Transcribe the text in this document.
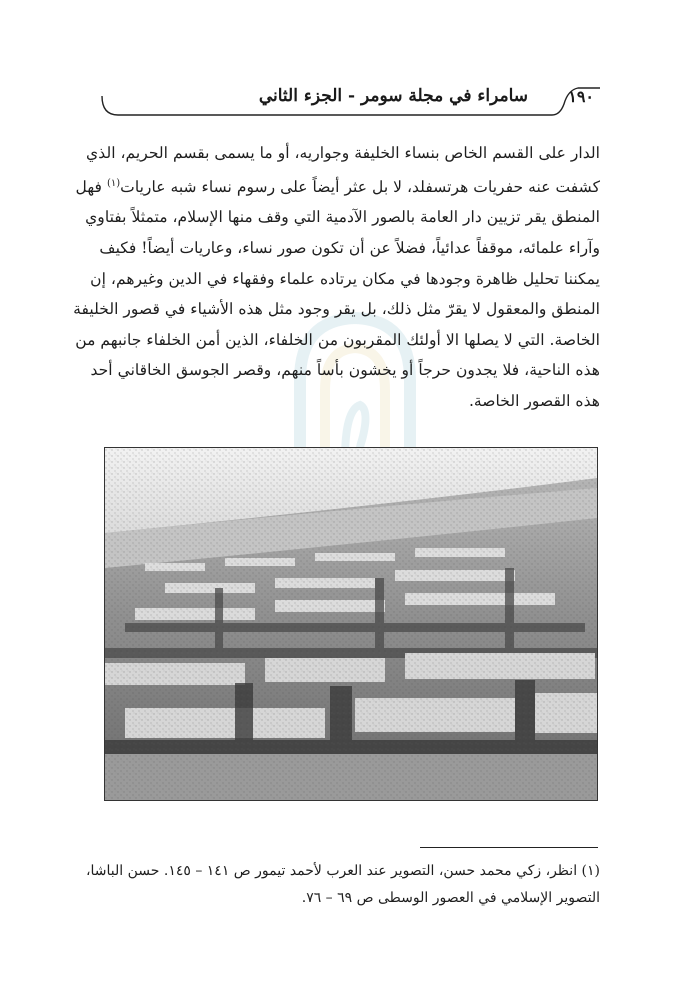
سامراء في مجلة سومر - الجزء الثاني	١٩٠
الدار على القسم الخاص بنساء الخليفة وجواريه، أو ما يسمى بقسم الحريم، الذي
كشفت عنه حفريات هرتسفلد، لا بل عثر أيضاً على رسوم نساء شبه عاريات$^{(١)}$ فهل
المنطق يقر تزيين دار العامة بالصور الآدمية التي وقف منها الإسلام، متمثلاً بفتاوي
وآراء علمائه، موقفاً عدائياً، فضلاً عن أن تكون صور نساء، وعاريات أيضاً! فكيف
يمكننا تحليل ظاهرة وجودها في مكان يرتاده علماء وفقهاء في الدين وغيرهم، إن
المنطق والمعقول لا يقرّ مثل ذلك، بل يقر وجود مثل هذه الأشياء في قصور الخليفة
الخاصة. التي لا يصلها الا أولئك المقربون من الخلفاء، الذين أمن الخلفاء جانبهم من
هذه الناحية، فلا يجدون حرجاً أو يخشون بأساً منهم، وقصر الجوسق الخاقاني أحد
هذه القصور الخاصة.
(١) انظر، زكي محمد حسن، التصوير عند العرب لأحمد تيمور ص ١٤١ – ١٤٥. حسن الباشا،
التصوير الإسلامي في العصور الوسطى ص ٦٩ – ٧٦.
